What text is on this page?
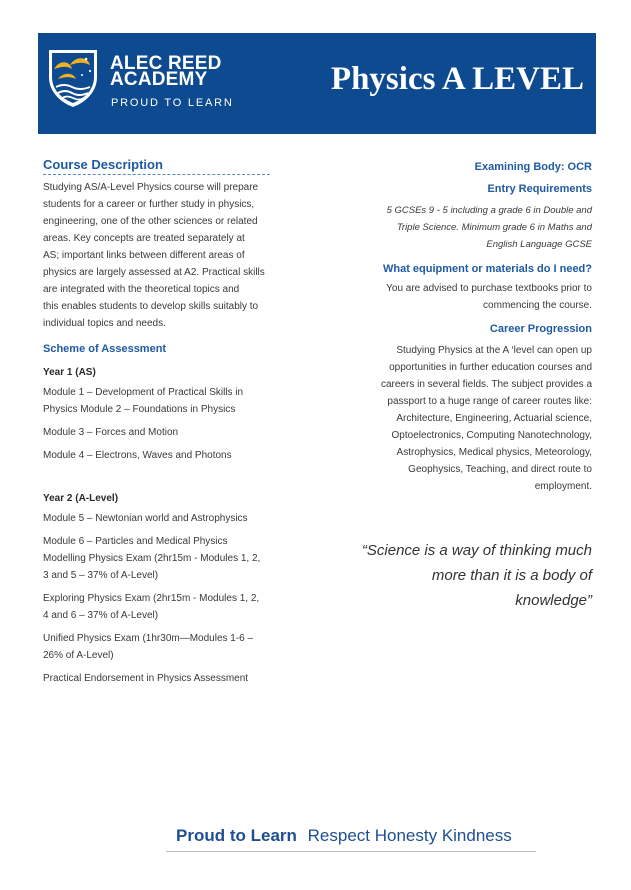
ALEC REED
ACADEMY
PROUD TO LEARN
Physics A LEVEL

Course Description

Studying AS/A-Level Physics course will prepare

students for a career or further study in physics,

engineering, one of the other sciences or related

areas. Key concepts are treated separately at

AS; important links between different areas of

physics are largely assessed at A2. Practical skills

are integrated with the theoretical topics and

this enables students to develop skills suitably to

individual topics and needs.

Scheme of Assessment

Year 1 (AS)

Module 1 – Development of Practical Skills in

Physics Module 2 – Foundations in Physics

Module 3 – Forces and Motion

Module 4 – Electrons, Waves and Photons

Year 2 (A-Level)

Module 5 – Newtonian world and Astrophysics

Module 6 – Particles and Medical Physics

Modelling Physics Exam (2hr15m - Modules 1, 2,

3 and 5 – 37% of A-Level)

Exploring Physics Exam (2hr15m - Modules 1, 2,

4 and 6 – 37% of A-Level)

Unified Physics Exam (1hr30m—Modules 1-6 –

26% of A-Level)

Practical Endorsement in Physics Assessment

Examining Body: OCR

Entry Requirements

5 GCSEs 9 - 5 including a grade 6 in Double and

Triple Science. Minimum grade 6 in Maths and

English Language GCSE

What equipment or materials do I need?

You are advised to purchase textbooks prior to

commencing the course.

Career Progression

Studying Physics at the A ‘level can open up

opportunities in further education courses and

careers in several fields. The subject provides a

passport to a huge range of career routes like:

Architecture, Engineering, Actuarial science,

Optoelectronics, Computing Nanotechnology,

Astrophysics, Medical physics, Meteorology,

Geophysics, Teaching, and direct route to

employment.

“Science is a way of thinking much
more than it is a body of
knowledge”
Proud to Learn Respect Honesty Kindness
